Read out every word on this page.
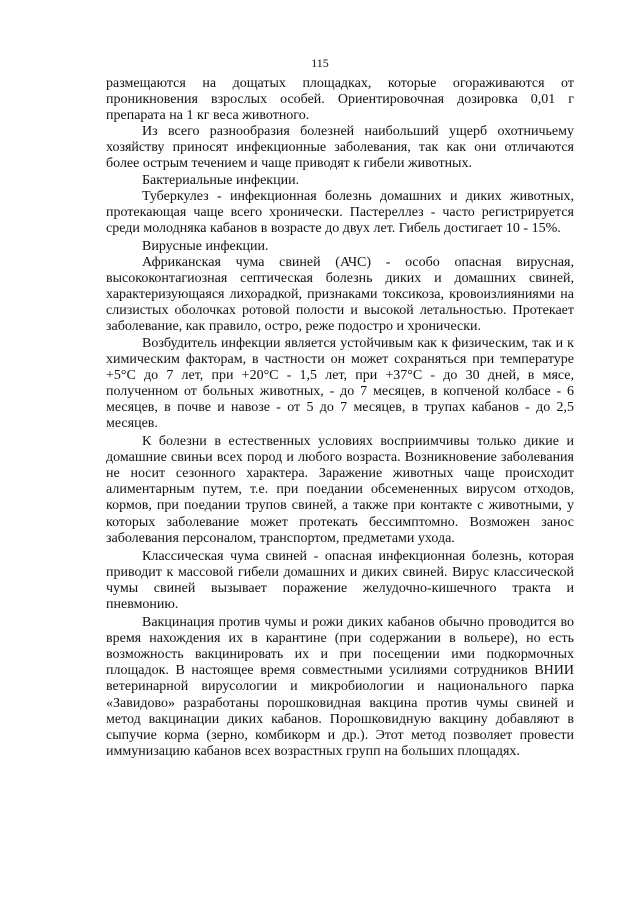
115

размещаются на дощатых площадках, которые огораживаются от проникновения взрослых особей. Ориентировочная дозировка 0,01 г препарата на 1 кг веса животного.

Из всего разнообразия болезней наибольший ущерб охотничьему хозяйству приносят инфекционные заболевания, так как они отличаются более острым течением и чаще приводят к гибели животных.

Бактериальные инфекции.

Туберкулез - инфекционная болезнь домашних и диких животных, протекающая чаще всего хронически. Пастереллез - часто регистрируется среди молодняка кабанов в возрасте до двух лет. Гибель достигает 10 - 15%.

Вирусные инфекции.

Африканская чума свиней (АЧС) - особо опасная вирусная, высококонтагиозная септическая болезнь диких и домашних свиней, характеризующаяся лихорадкой, признаками токсикоза, кровоизлияниями на слизистых оболочках ротовой полости и высокой летальностью. Протекает заболевание, как правило, остро, реже подостро и хронически.

Возбудитель инфекции является устойчивым как к физическим, так и к химическим факторам, в частности он может сохраняться при температуре +5°С до 7 лет, при +20°С - 1,5 лет, при +37°С - до 30 дней, в мясе, полученном от больных животных, - до 7 месяцев, в копченой колбасе - 6 месяцев, в почве и навозе - от 5 до 7 месяцев, в трупах кабанов - до 2,5 месяцев.

К болезни в естественных условиях восприимчивы только дикие и домашние свиньи всех пород и любого возраста. Возникновение заболевания не носит сезонного характера. Заражение животных чаще происходит алиментарным путем, т.е. при поедании обсемененных вирусом отходов, кормов, при поедании трупов свиней, а также при контакте с животными, у которых заболевание может протекать бессимптомно. Возможен занос заболевания персоналом, транспортом, предметами ухода.

Классическая чума свиней - опасная инфекционная болезнь, которая приводит к массовой гибели домашних и диких свиней. Вирус классической чумы свиней вызывает поражение желудочно-кишечного тракта и пневмонию.

Вакцинация против чумы и рожи диких кабанов обычно проводится во время нахождения их в карантине (при содержании в вольере), но есть возможность вакцинировать их и при посещении ими подкормочных площадок. В настоящее время совместными усилиями сотрудников ВНИИ ветеринарной вирусологии и микробиологии и национального парка «Завидово» разработаны порошковидная вакцина против чумы свиней и метод вакцинации диких кабанов. Порошковидную вакцину добавляют в сыпучие корма (зерно, комбикорм и др.). Этот метод позволяет провести иммунизацию кабанов всех возрастных групп на больших площадях.
